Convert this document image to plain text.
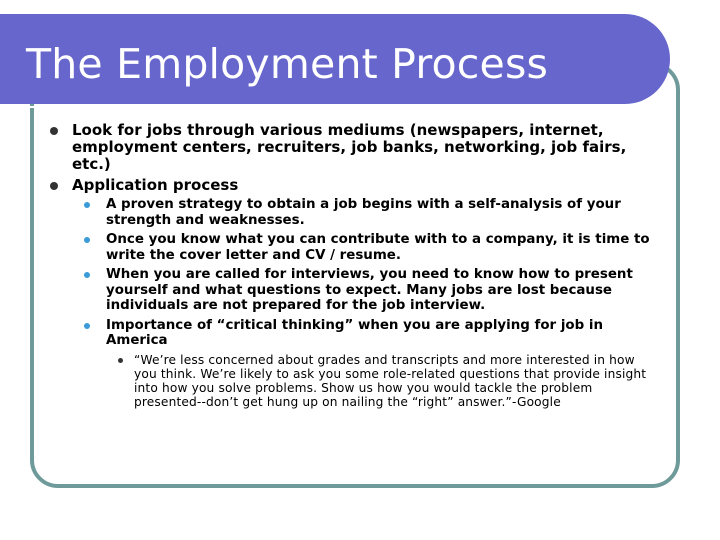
The Employment Process
Look for jobs through various mediums (newspapers, internet, employment centers, recruiters, job banks, networking, job fairs, etc.)
Application process
A proven strategy to obtain a job begins with a self-analysis of your strength and weaknesses.
Once you know what you can contribute with to a company, it is time to write the cover letter and CV / resume.
When you are called for interviews, you need to know how to present yourself and what questions to expect. Many jobs are lost because individuals are not prepared for the job interview.
Importance of “critical thinking” when you are applying for job in America
“We’re less concerned about grades and transcripts and more interested in how you think. We’re likely to ask you some role-related questions that provide insight into how you solve problems. Show us how you would tackle the problem presented--don’t get hung up on nailing the “right” answer.”-Google
